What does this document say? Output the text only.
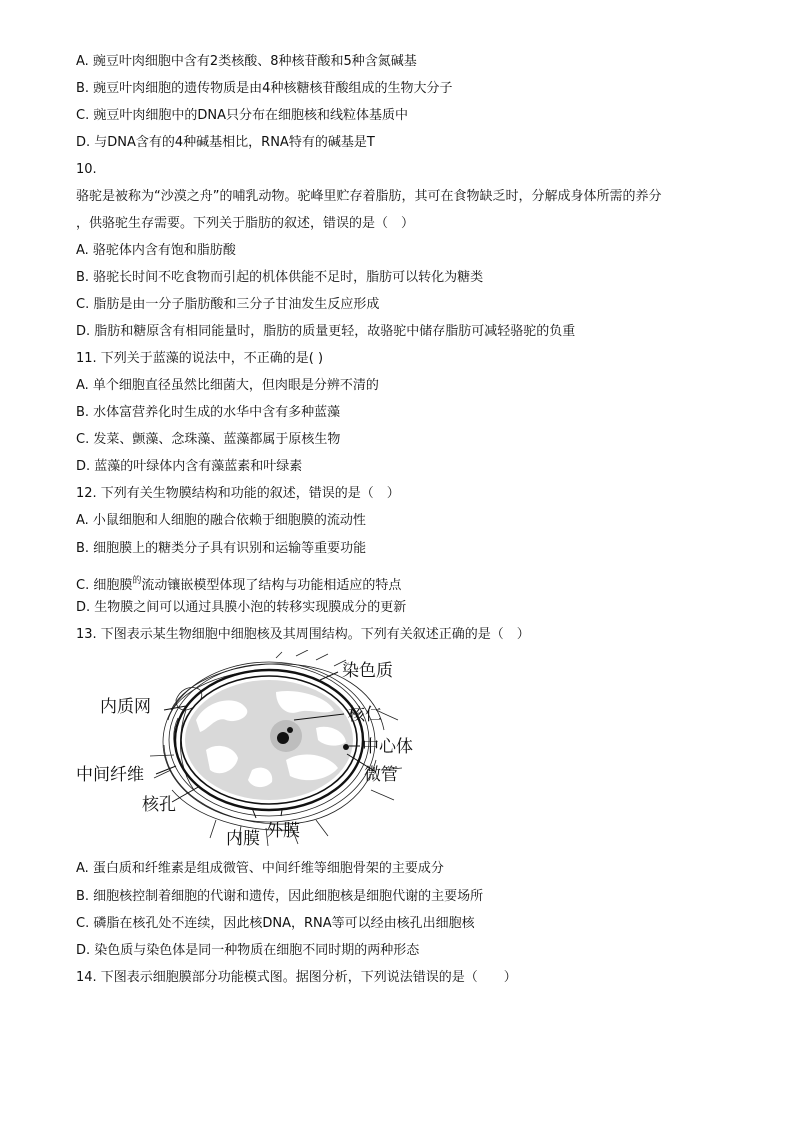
A. 豌豆叶肉细胞中含有2类核酸、8种核苷酸和5种含氮碱基
B. 豌豆叶肉细胞的遗传物质是由4种核糖核苷酸组成的生物大分子
C. 豌豆叶肉细胞中的DNA只分布在细胞核和线粒体基质中
D. 与DNA含有的4种碱基相比，RNA特有的碱基是T
10.
骆驼是被称为“沙漠之舟”的哺乳动物。驼峰里贮存着脂肪，其可在食物缺乏时，分解成身体所需的养分
，供骆驼生存需要。下列关于脂肪的叙述，错误的是（　）
A. 骆驼体内含有饱和脂肪酸
B. 骆驼长时间不吃食物而引起的机体供能不足时，脂肪可以转化为糖类
C. 脂肪是由一分子脂肪酸和三分子甘油发生反应形成
D. 脂肪和糖原含有相同能量时，脂肪的质量更轻，故骆驼中储存脂肪可减轻骆驼的负重
11. 下列关于蓝藻的说法中，不正确的是( )
A. 单个细胞直径虽然比细菌大，但肉眼是分辨不清的
B. 水体富营养化时生成的水华中含有多种蓝藻
C. 发菜、颤藻、念珠藻、蓝藻都属于原核生物
D. 蓝藻的叶绿体内含有藻蓝素和叶绿素
12. 下列有关生物膜结构和功能的叙述，错误的是（　）
A. 小鼠细胞和人细胞的融合依赖于细胞膜的流动性
B. 细胞膜上的糖类分子具有识别和运输等重要功能
C. 细胞膜$^的$流动镶嵌模型体现了结构与功能相适应的特点
D. 生物膜之间可以通过具膜小泡的转移实现膜成分的更新
13. 下图表示某生物细胞中细胞核及其周围结构。下列有关叙述正确的是（　）
染色质
核仁
中心体
微管
内质网
中间纤维
核孔
内膜 外膜
A. 蛋白质和纤维素是组成微管、中间纤维等细胞骨架的主要成分
B. 细胞核控制着细胞的代谢和遗传，因此细胞核是细胞代谢的主要场所
C. 磷脂在核孔处不连续，因此核DNA，RNA等可以经由核孔出细胞核
D. 染色质与染色体是同一种物质在细胞不同时期的两种形态
14. 下图表示细胞膜部分功能模式图。据图分析，下列说法错误的是（　　）
